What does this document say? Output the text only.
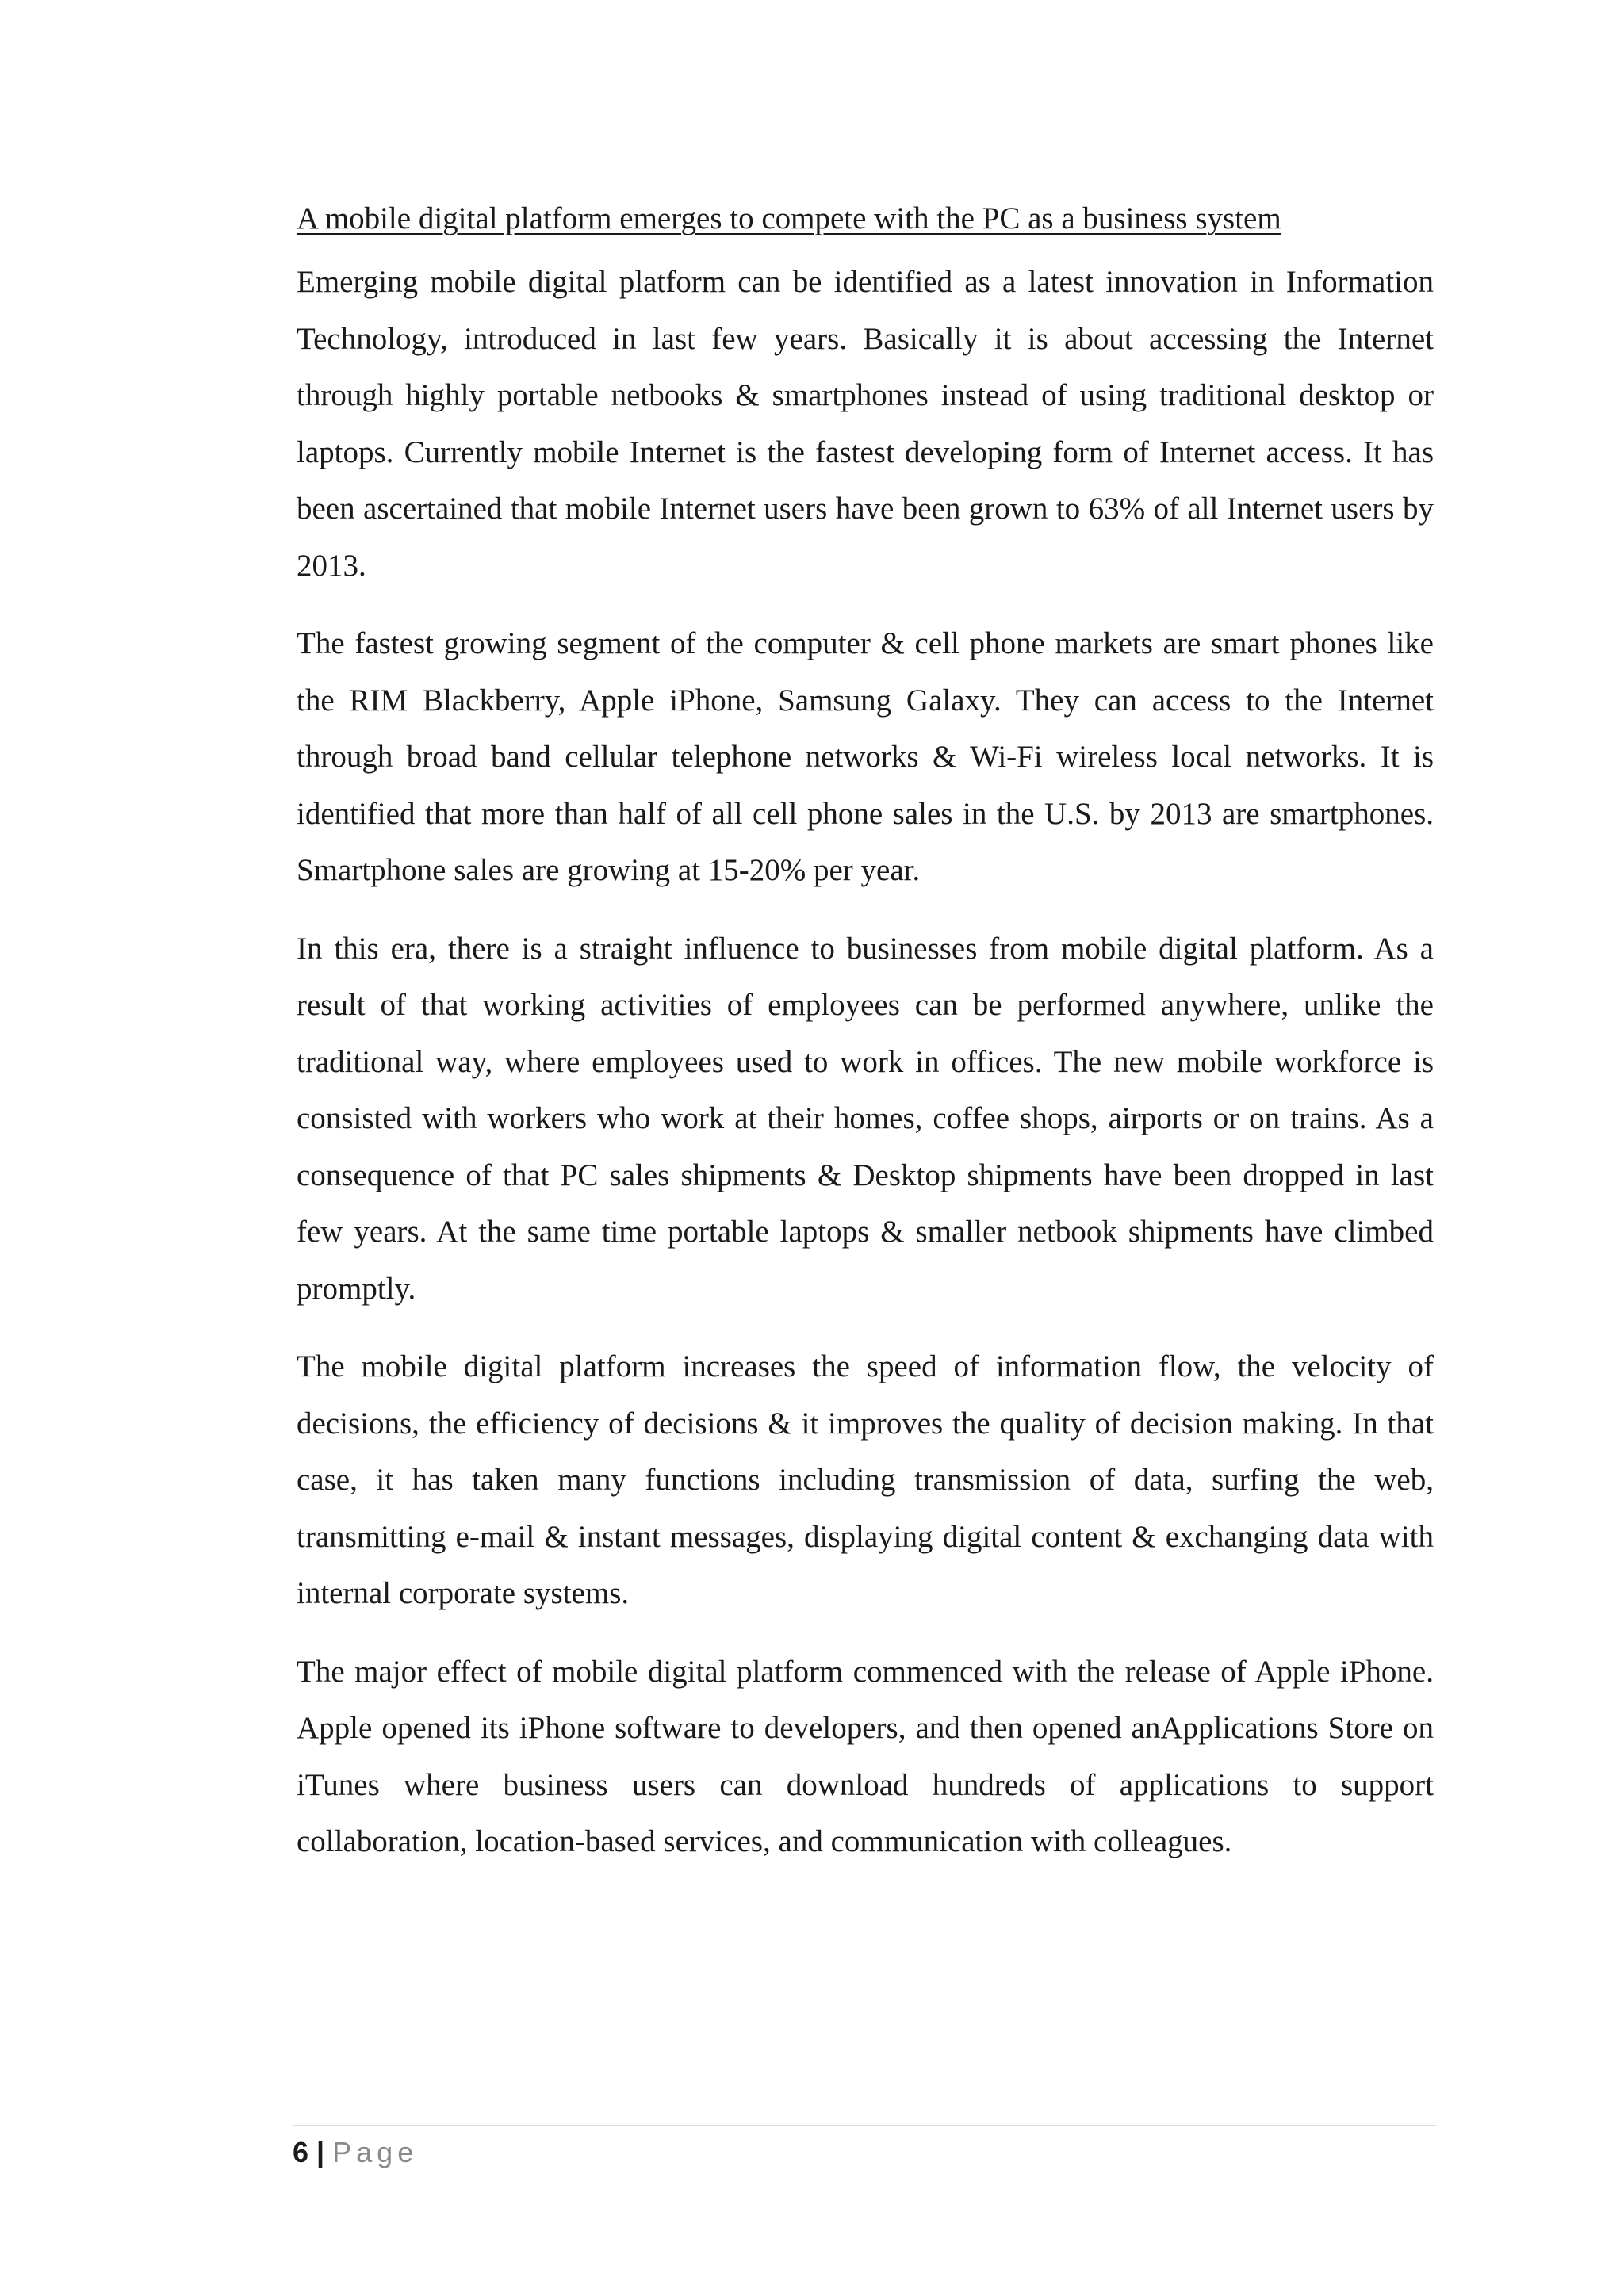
A mobile digital platform emerges to compete with the PC as a business system

Emerging mobile digital platform can be identified as a latest innovation in Information Technology, introduced in last few years. Basically it is about accessing the Internet through highly portable netbooks & smartphones instead of using traditional desktop or laptops. Currently mobile Internet is the fastest developing form of Internet access. It has been ascertained that mobile Internet users have been grown to 63% of all Internet users by 2013.

The fastest growing segment of the computer & cell phone markets are smart phones like the RIM Blackberry, Apple iPhone, Samsung Galaxy. They can access to the Internet through broad band cellular telephone networks & Wi-Fi wireless local networks. It is identified that more than half of all cell phone sales in the U.S. by 2013 are smartphones. Smartphone sales are growing at 15-20% per year.

In this era, there is a straight influence to businesses from mobile digital platform. As a result of that working activities of employees can be performed anywhere, unlike the traditional way, where employees used to work in offices. The new mobile workforce is consisted with workers who work at their homes, coffee shops, airports or on trains. As a consequence of that PC sales shipments & Desktop shipments have been dropped in last few years. At the same time portable laptops & smaller netbook shipments have climbed promptly.

The mobile digital platform increases the speed of information flow, the velocity of decisions, the efficiency of decisions & it improves the quality of decision making. In that case, it has taken many functions including transmission of data, surfing the web, transmitting e-mail & instant messages, displaying digital content & exchanging data with internal corporate systems.

The major effect of mobile digital platform commenced with the release of Apple iPhone. Apple opened its iPhone software to developers, and then opened anApplications Store on iTunes where business users can download hundreds of applications to support collaboration, location-based services, and communication with colleagues.

6 | Page
